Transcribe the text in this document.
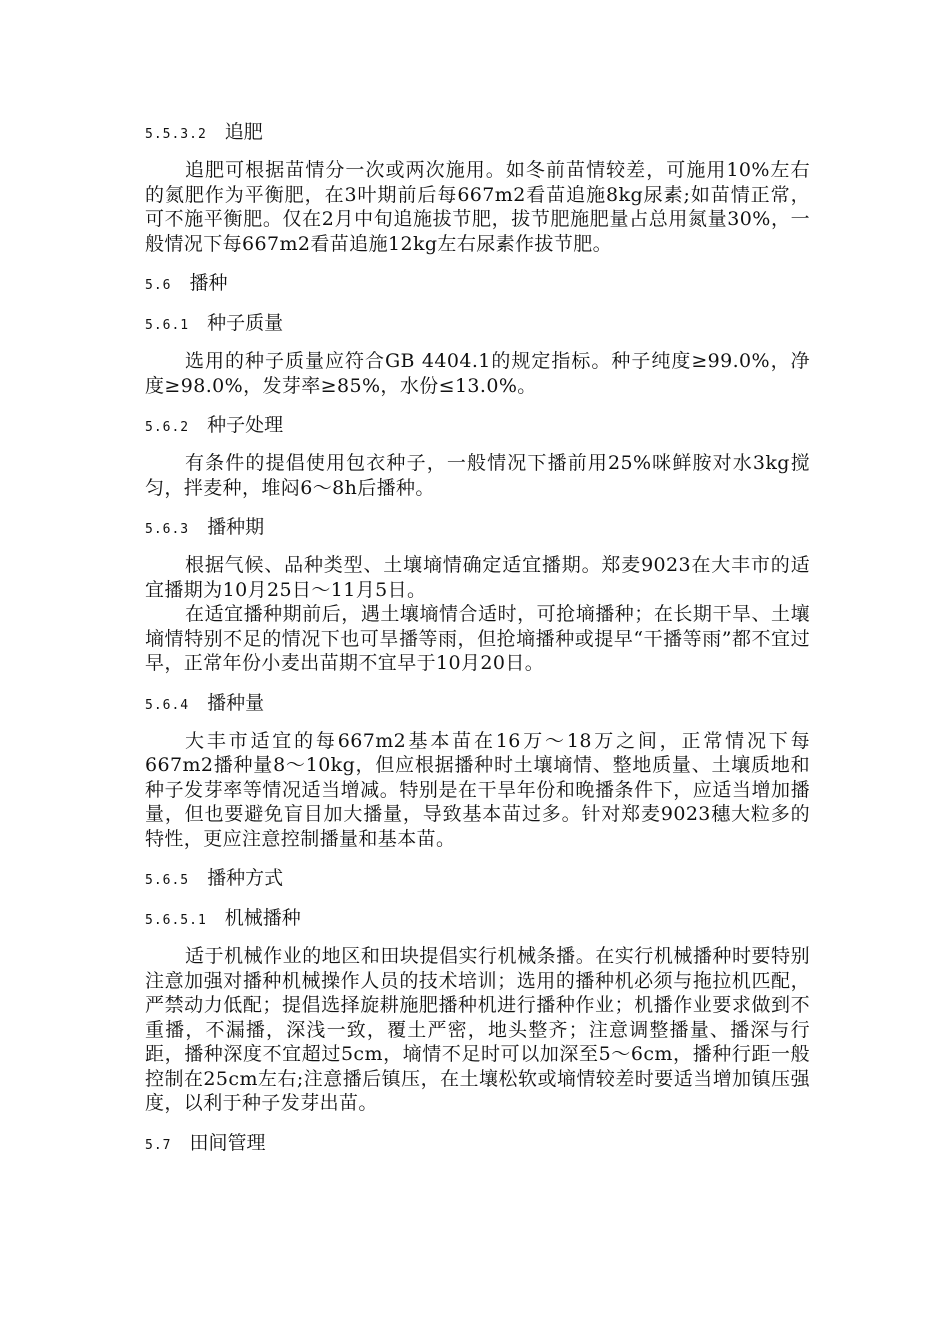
5.5.3.2 追肥

追肥可根据苗情分一次或两次施用。如冬前苗情较差，可施用10%左右的氮肥作为平衡肥，在3叶期前后每667m2看苗追施8kg尿素;如苗情正常，可不施平衡肥。仅在2月中旬追施拔节肥，拔节肥施肥量占总用氮量30%，一般情况下每667m2看苗追施12kg左右尿素作拔节肥。

5.6 播种
5.6.1 种子质量

选用的种子质量应符合GB 4404.1的规定指标。种子纯度≥99.0%，净度≥98.0%，发芽率≥85%，水份≤13.0%。

5.6.2 种子处理

有条件的提倡使用包衣种子，一般情况下播前用25%咪鲜胺对水3kg搅匀，拌麦种，堆闷6～8h后播种。

5.6.3 播种期

根据气候、品种类型、土壤墒情确定适宜播期。郑麦9023在大丰市的适宜播期为10月25日～11月5日。

在适宜播种期前后，遇土壤墒情合适时，可抢墒播种；在长期干旱、土壤墒情特别不足的情况下也可旱播等雨，但抢墒播种或提早“干播等雨”都不宜过早，正常年份小麦出苗期不宜早于10月20日。

5.6.4 播种量

大丰市适宜的每667m2基本苗在16万～18万之间，正常情况下每667m2播种量8～10kg，但应根据播种时土壤墒情、整地质量、土壤质地和种子发芽率等情况适当增减。特别是在干旱年份和晚播条件下，应适当增加播量，但也要避免盲目加大播量，导致基本苗过多。针对郑麦9023穗大粒多的特性，更应注意控制播量和基本苗。

5.6.5 播种方式
5.6.5.1 机械播种

适于机械作业的地区和田块提倡实行机械条播。在实行机械播种时要特别注意加强对播种机械操作人员的技术培训；选用的播种机必须与拖拉机匹配，严禁动力低配；提倡选择旋耕施肥播种机进行播种作业；机播作业要求做到不重播，不漏播，深浅一致，覆土严密，地头整齐；注意调整播量、播深与行距，播种深度不宜超过5cm，墒情不足时可以加深至5～6cm，播种行距一般控制在25cm左右;注意播后镇压，在土壤松软或墒情较差时要适当增加镇压强度，以利于种子发芽出苗。

5.7 田间管理
